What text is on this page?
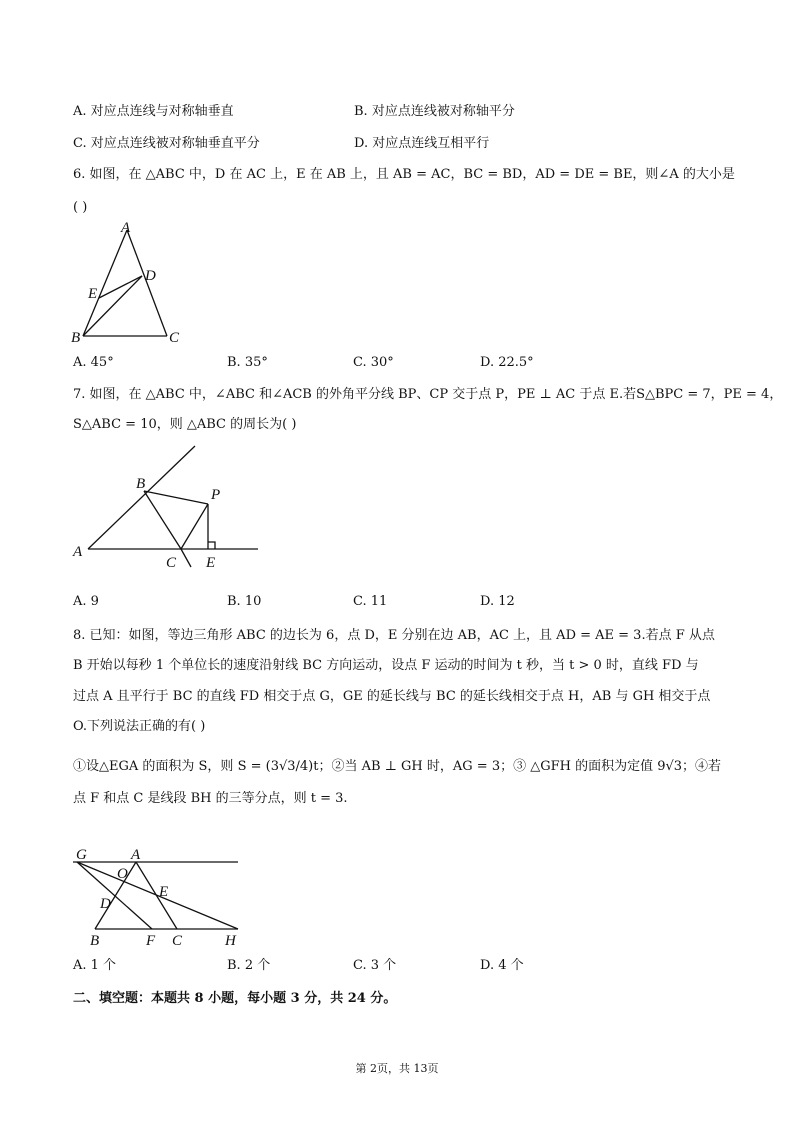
A. 对应点连线与对称轴垂直	B. 对应点连线被对称轴平分
C. 对应点连线被对称轴垂直平分	D. 对应点连线互相平行
6. 如图，在 △ABC 中，D 在 AC 上，E 在 AB 上，且 AB = AC，BC = BD，AD = DE = BE，则∠A 的大小是
( )
A
D
E
B	C
A. 45°	B. 35°	C. 30°	D. 22.5°
7. 如图，在 △ABC 中，∠ABC 和∠ACB 的外角平分线 BP、CP 交于点 P，PE ⊥ AC 于点 E.若S△BPC = 7，PE = 4，
S△ABC = 10，则 △ABC 的周长为( )
B
P
A
C E
A. 9	B. 10	C. 11	D. 12
8. 已知：如图，等边三角形 ABC 的边长为 6，点 D，E 分别在边 AB，AC 上，且 AD = AE = 3.若点 F 从点
B 开始以每秒 1 个单位长的速度沿射线 BC 方向运动，设点 F 运动的时间为 t 秒，当 t > 0 时，直线 FD 与
过点 A 且平行于 BC 的直线 FD 相交于点 G，GE 的延长线与 BC 的延长线相交于点 H，AB 与 GH 相交于点
O.下列说法正确的有( )
①设△EGA 的面积为 S，则 S = (3√3/4)t；②当 AB ⊥ GH 时，AG = 3；③ △GFH 的面积为定值 9√3；④若
点 F 和点 C 是线段 BH 的三等分点，则 t = 3.
G	A
O
E
D
B	F C	H
A. 1 个	B. 2 个	C. 3 个	D. 4 个
二、填空题：本题共 8 小题，每小题 3 分，共 24 分。
第 2页，共 13页
